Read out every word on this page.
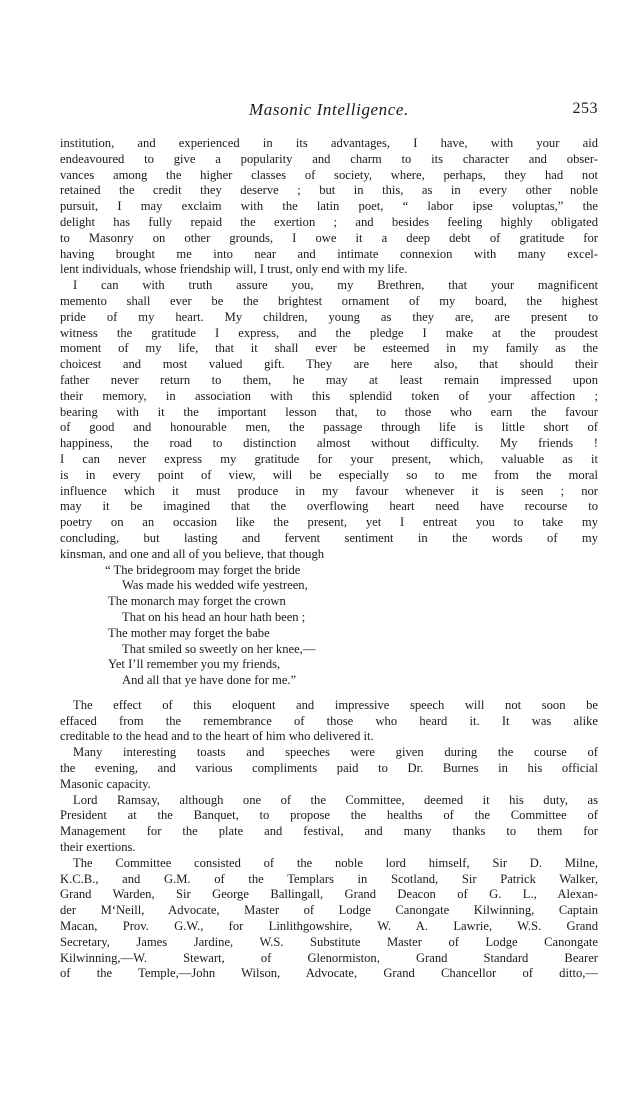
Masonic Intelligence.	253
institution, and experienced in its advantages, I have, with your aid
endeavoured to give a popularity and charm to its character and obser-
vances among the higher classes of society, where, perhaps, they had not
retained the credit they deserve ; but in this, as in every other noble
pursuit, I may exclaim with the latin poet, “ labor ipse voluptas,” the
delight has fully repaid the exertion ; and besides feeling highly obligated
to Masonry on other grounds, I owe it a deep debt of gratitude for
having brought me into near and intimate connexion with many excel-
lent individuals, whose friendship will, I trust, only end with my life.
I can with truth assure you, my Brethren, that your magnificent
memento shall ever be the brightest ornament of my board, the highest
pride of my heart. My children, young as they are, are present to
witness the gratitude I express, and the pledge I make at the proudest
moment of my life, that it shall ever be esteemed in my family as the
choicest and most valued gift. They are here also, that should their
father never return to them, he may at least remain impressed upon
their memory, in association with this splendid token of your affection ;
bearing with it the important lesson that, to those who earn the favour
of good and honourable men, the passage through life is little short of
happiness, the road to distinction almost without difficulty. My friends !
I can never express my gratitude for your present, which, valuable as it
is in every point of view, will be especially so to me from the moral
influence which it must produce in my favour whenever it is seen ; nor
may it be imagined that the overflowing heart need have recourse to
poetry on an occasion like the present, yet I entreat you to take my
concluding, but lasting and fervent sentiment in the words of my
kinsman, and one and all of you believe, that though
“ The bridegroom may forget the bride
Was made his wedded wife yestreen,
The monarch may forget the crown
That on his head an hour hath been ;
The mother may forget the babe
That smiled so sweetly on her knee,—
Yet I’ll remember you my friends,
And all that ye have done for me.”
The effect of this eloquent and impressive speech will not soon be
effaced from the remembrance of those who heard it. It was alike
creditable to the head and to the heart of him who delivered it.
Many interesting toasts and speeches were given during the course of
the evening, and various compliments paid to Dr. Burnes in his official
Masonic capacity.
Lord Ramsay, although one of the Committee, deemed it his duty, as
President at the Banquet, to propose the healths of the Committee of
Management for the plate and festival, and many thanks to them for
their exertions.
The Committee consisted of the noble lord himself, Sir D. Milne,
K.C.B., and G.M. of the Templars in Scotland, Sir Patrick Walker,
Grand Warden, Sir George Ballingall, Grand Deacon of G. L., Alexan-
der M‘Neill, Advocate, Master of Lodge Canongate Kilwinning, Captain
Macan, Prov. G.W., for Linlithgowshire, W. A. Lawrie, W.S. Grand
Secretary, James Jardine, W.S. Substitute Master of Lodge Canongate
Kilwinning,—W. Stewart, of Glenormiston, Grand Standard Bearer
of the Temple,—John Wilson, Advocate, Grand Chancellor of ditto,—
